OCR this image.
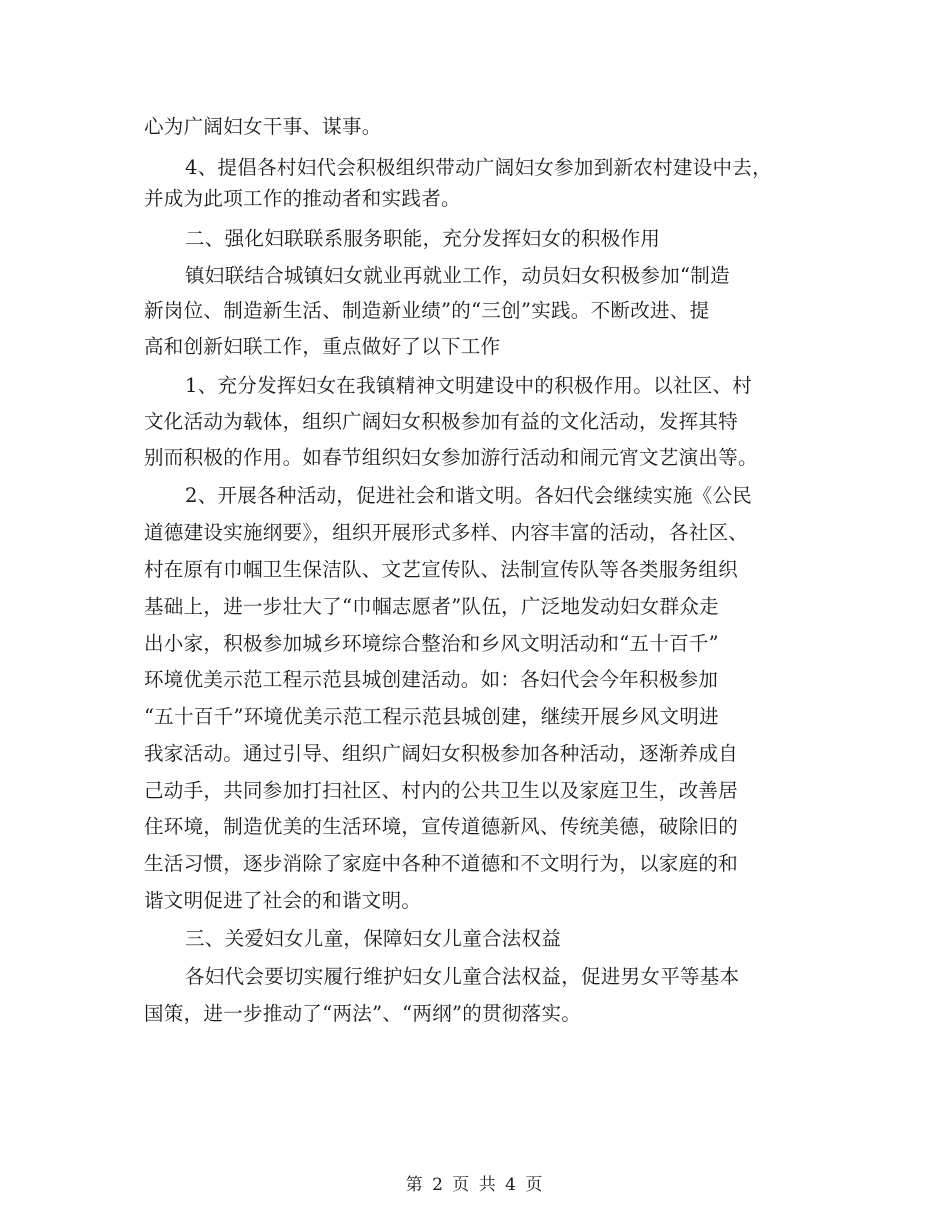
心为广阔妇女干事、谋事。
4、提倡各村妇代会积极组织带动广阔妇女参加到新农村建设中去，
并成为此项工作的推动者和实践者。
二、强化妇联联系服务职能，充分发挥妇女的积极作用
镇妇联结合城镇妇女就业再就业工作，动员妇女积极参加“制造
新岗位、制造新生活、制造新业绩”的“三创”实践。不断改进、提
高和创新妇联工作，重点做好了以下工作
1、充分发挥妇女在我镇精神文明建设中的积极作用。以社区、村
文化活动为载体，组织广阔妇女积极参加有益的文化活动，发挥其特
别而积极的作用。如春节组织妇女参加游行活动和闹元宵文艺演出等。
2、开展各种活动，促进社会和谐文明。各妇代会继续实施《公民
道德建设实施纲要》，组织开展形式多样、内容丰富的活动，各社区、
村在原有巾帼卫生保洁队、文艺宣传队、法制宣传队等各类服务组织
基础上，进一步壮大了“巾帼志愿者”队伍，广泛地发动妇女群众走
出小家，积极参加城乡环境综合整治和乡风文明活动和“五十百千”
环境优美示范工程示范县城创建活动。如：各妇代会今年积极参加
“五十百千”环境优美示范工程示范县城创建，继续开展乡风文明进
我家活动。通过引导、组织广阔妇女积极参加各种活动，逐渐养成自
己动手，共同参加打扫社区、村内的公共卫生以及家庭卫生，改善居
住环境，制造优美的生活环境，宣传道德新风、传统美德，破除旧的
生活习惯，逐步消除了家庭中各种不道德和不文明行为，以家庭的和
谐文明促进了社会的和谐文明。
三、关爱妇女儿童，保障妇女儿童合法权益
各妇代会要切实履行维护妇女儿童合法权益，促进男女平等基本
国策，进一步推动了“两法”、“两纲”的贯彻落实。
第 2 页 共 4 页
